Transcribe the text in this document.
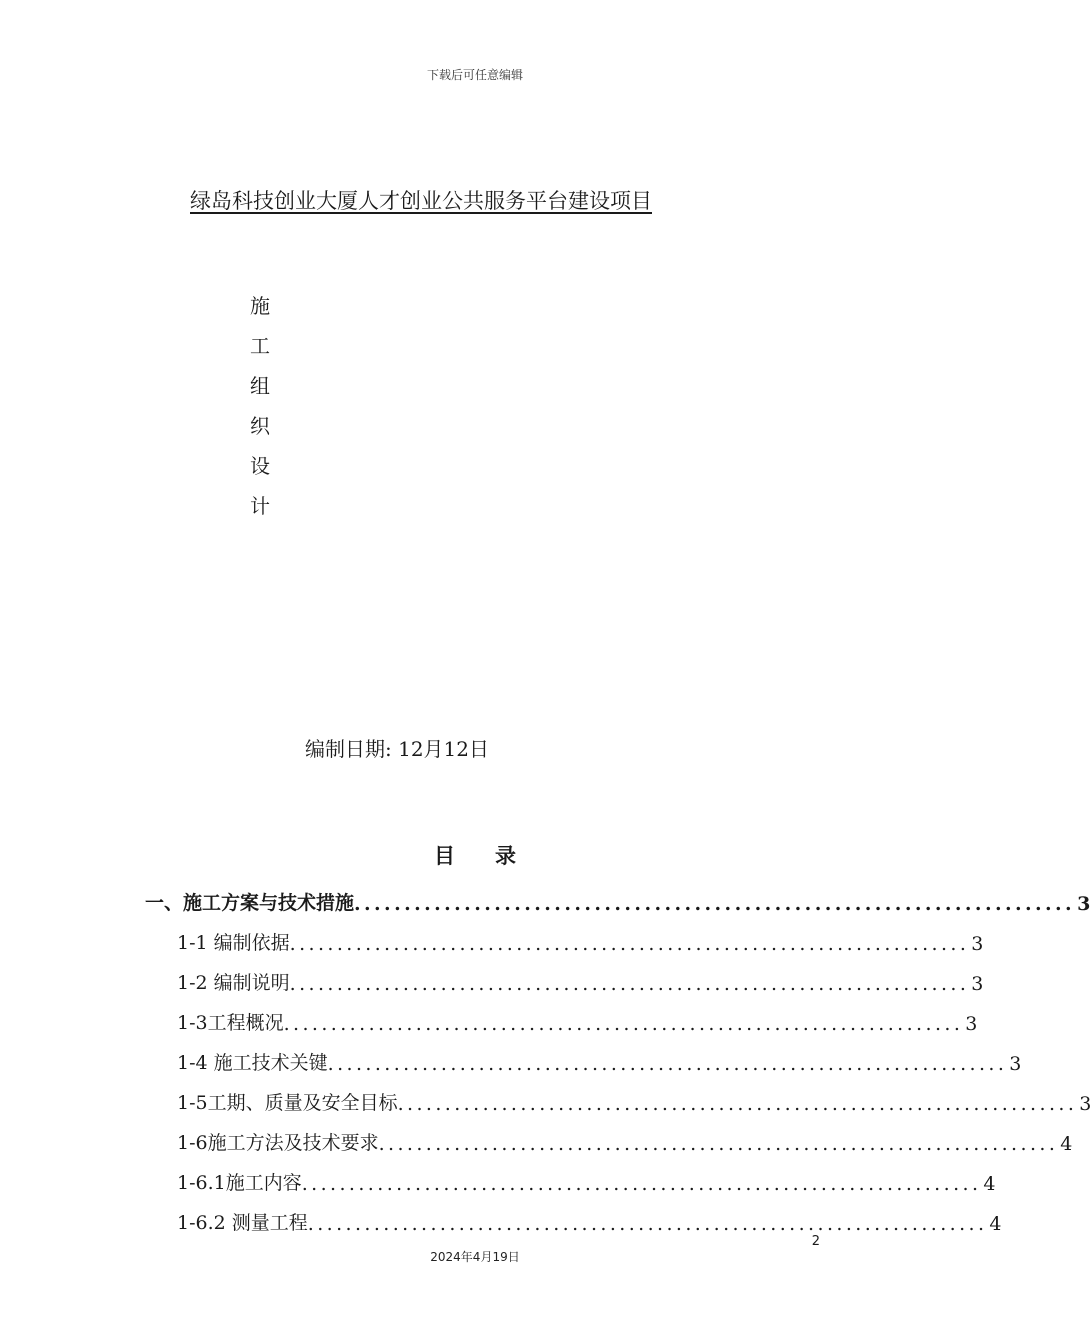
下载后可任意编辑
绿岛科技创业大厦人才创业公共服务平台建设项目
施
工
组
织
设
计
编制日期: 12月12日
目 录
一、施工方案与技术措施 ........................................................................ 3
1-1 编制依据 ........................................................................ 3
1-2 编制说明 ........................................................................ 3
1-3工程概况 ........................................................................ 3
1-4 施工技术关键 ........................................................................ 3
1-5工期、质量及安全目标 ........................................................................ 3
1-6施工方法及技术要求 ........................................................................ 4
1-6.1施工内容 ........................................................................ 4
1-6.2 测量工程 ........................................................................ 4
2
2024年4月19日
